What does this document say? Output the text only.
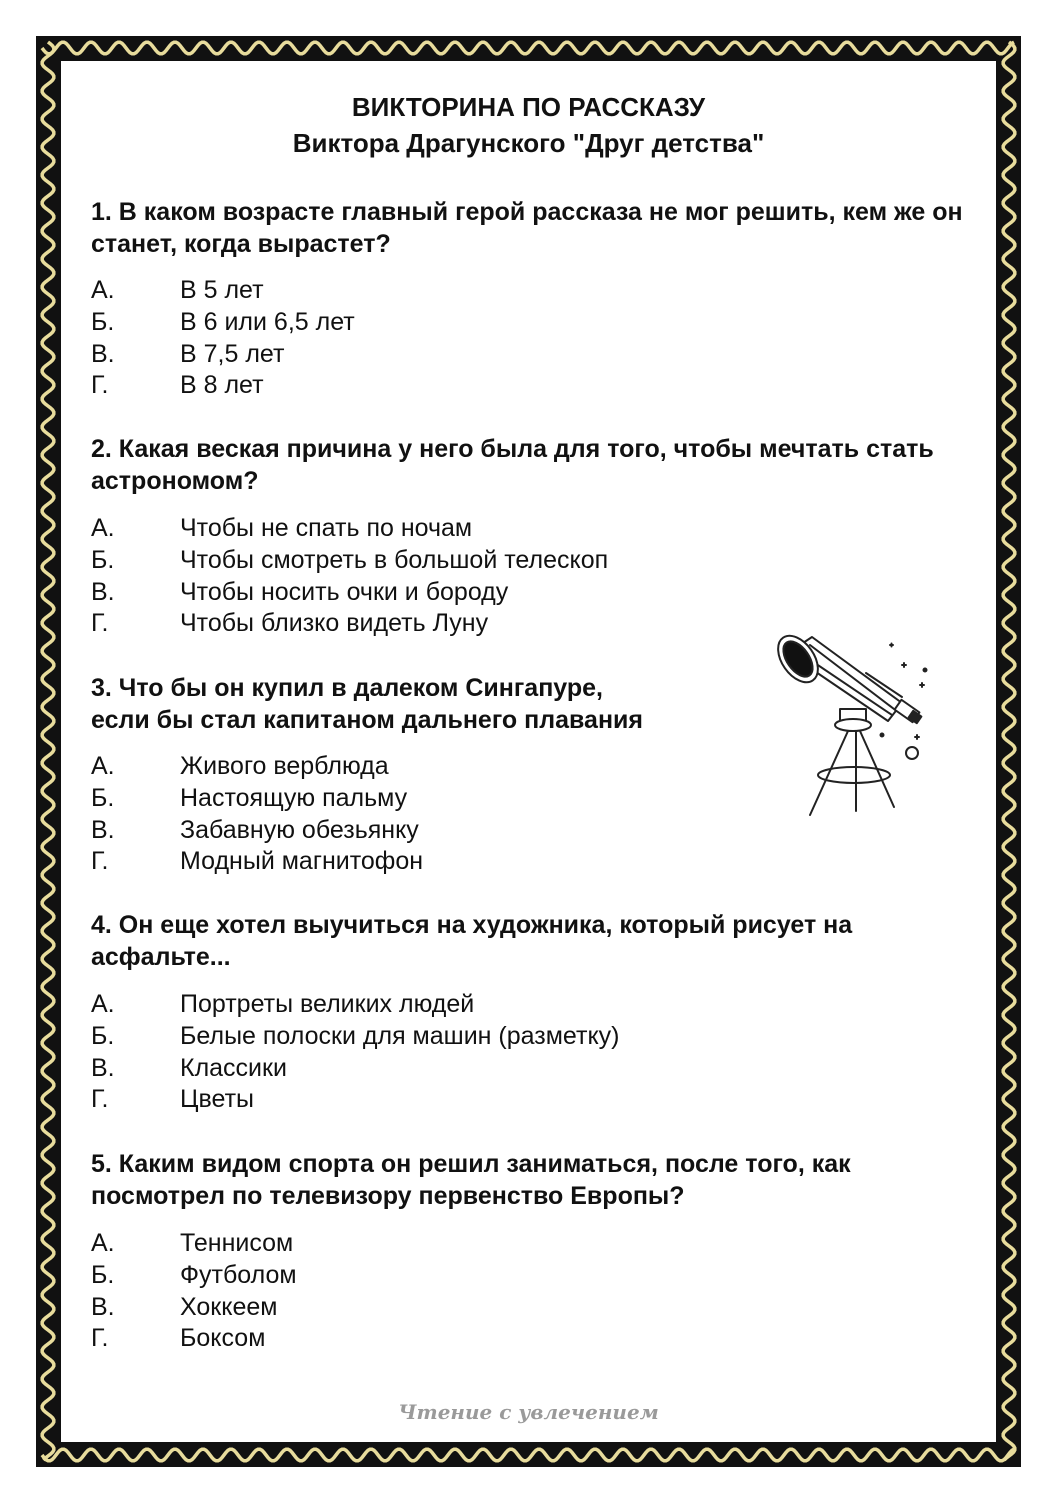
ВИКТОРИНА ПО РАССКАЗУ
Виктора Драгунского "Друг детства"
1. В каком возрасте главный герой рассказа не мог решить, кем же он станет, когда вырастет?
А.	В 5 лет
Б.	В 6 или 6,5 лет
В.	В 7,5 лет
Г.	В 8 лет
2. Какая веская причина у него была для того, чтобы мечтать стать астрономом?
А.	Чтобы не спать по ночам
Б.	Чтобы смотреть в большой телескоп
В.	Чтобы носить очки и бороду
Г.	Чтобы близко видеть Луну
3. Что бы он купил в далеком Сингапуре,
если бы стал капитаном дальнего плавания
А.	Живого верблюда
Б.	Настоящую пальму
В.	Забавную обезьянку
Г.	Модный магнитофон
4. Он еще хотел выучиться на художника, который рисует на асфальте...
А.	Портреты великих людей
Б.	Белые полоски для машин (разметку)
В.	Классики
Г.	Цветы
5. Каким видом спорта он решил заниматься, после того, как посмотрел по телевизору первенство Европы?
А.	Теннисом
Б.	Футболом
В.	Хоккеем
Г.	Боксом
Чтение с увлечением
